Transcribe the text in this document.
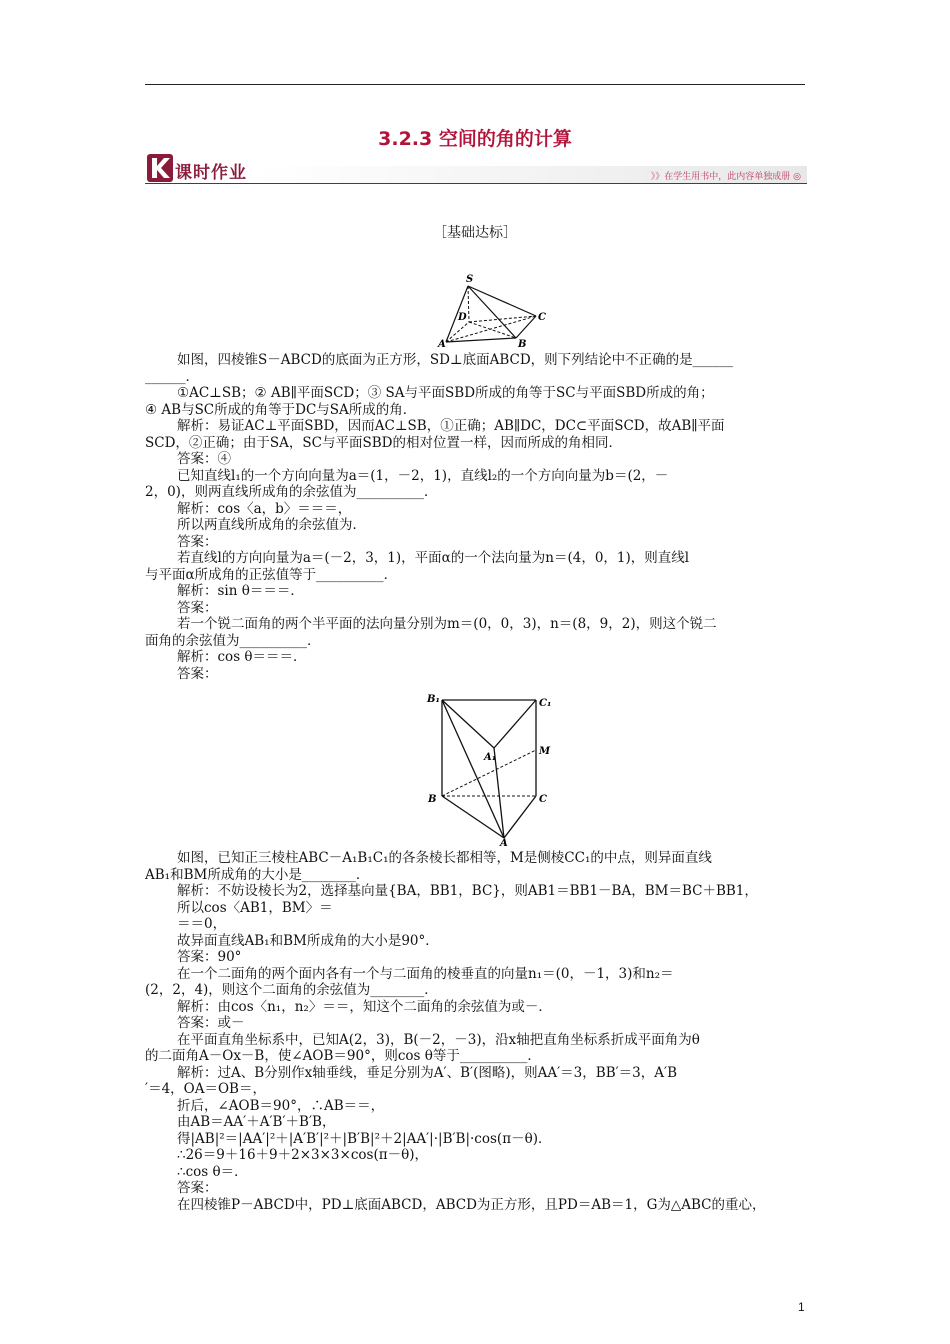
3.2.3 空间的角的计算
课时作业	》》在学生用书中，此内容单独成册 ◎
［基础达标］
S
D	C
A	B

如图，四棱锥S－ABCD的底面为正方形，SD⊥底面ABCD，则下列结论中不正确的是______

______．

①AC⊥SB；② AB∥平面SCD；③ SA与平面SBD所成的角等于SC与平面SBD所成的角；

④ AB与SC所成的角等于DC与SA所成的角．

解析：易证AC⊥平面SBD，因而AC⊥SB，①正确；AB∥DC，DC⊂平面SCD，故AB∥平面

SCD，②正确；由于SA，SC与平面SBD的相对位置一样，因而所成的角相同．

答案：④

已知直线l₁的一个方向向量为a＝(1，－2，1)，直线l₂的一个方向向量为b＝(2，－

2，0)，则两直线所成角的余弦值为__________．

解析：cos〈a，b〉＝＝＝，

所以两直线所成角的余弦值为．

答案：

若直线l的方向向量为a＝(－2，3，1)，平面α的一个法向量为n＝(4，0，1)，则直线l

与平面α所成角的正弦值等于__________．

解析：sin θ＝＝＝．

答案：

若一个锐二面角的两个半平面的法向量分别为m＝(0，0，3)，n＝(8，9，2)，则这个锐二

面角的余弦值为__________．

解析：cos θ＝＝＝．

答案：

B₁	C₁
A₁
M
B	C
A

如图，已知正三棱柱ABC－A₁B₁C₁的各条棱长都相等，M是侧棱CC₁的中点，则异面直线

AB₁和BM所成角的大小是________．

解析：不妨设棱长为2，选择基向量{BA，BB1，BC}，则AB1＝BB1－BA，BM＝BC＋BB1，

所以cos〈AB1，BM〉＝

＝＝0，

故异面直线AB₁和BM所成角的大小是90°．

答案：90°

在一个二面角的两个面内各有一个与二面角的棱垂直的向量n₁＝(0，－1，3)和n₂＝

(2，2，4)，则这个二面角的余弦值为________．

解析：由cos〈n₁，n₂〉＝＝，知这个二面角的余弦值为或－．

答案：或－

在平面直角坐标系中，已知A(2，3)，B(－2，－3)，沿x轴把直角坐标系折成平面角为θ

的二面角A－Ox－B，使∠AOB＝90°，则cos θ等于__________．

解析：过A、B分别作x轴垂线，垂足分别为A′、B′(图略)，则AA′＝3，BB′＝3，A′B

′＝4，OA＝OB＝，

折后，∠AOB＝90°，∴AB＝＝，

由AB＝AA′＋A′B′＋B′B，

得|AB|²＝|AA′|²＋|A′B′|²＋|B′B|²＋2|AA′|·|B′B|·cos(π－θ)．

∴26＝9＋16＋9＋2×3×3×cos(π－θ)，

∴cos θ＝．

答案：

在四棱锥P－ABCD中，PD⊥底面ABCD，ABCD为正方形，且PD＝AB＝1，G为△ABC的重心，

1
